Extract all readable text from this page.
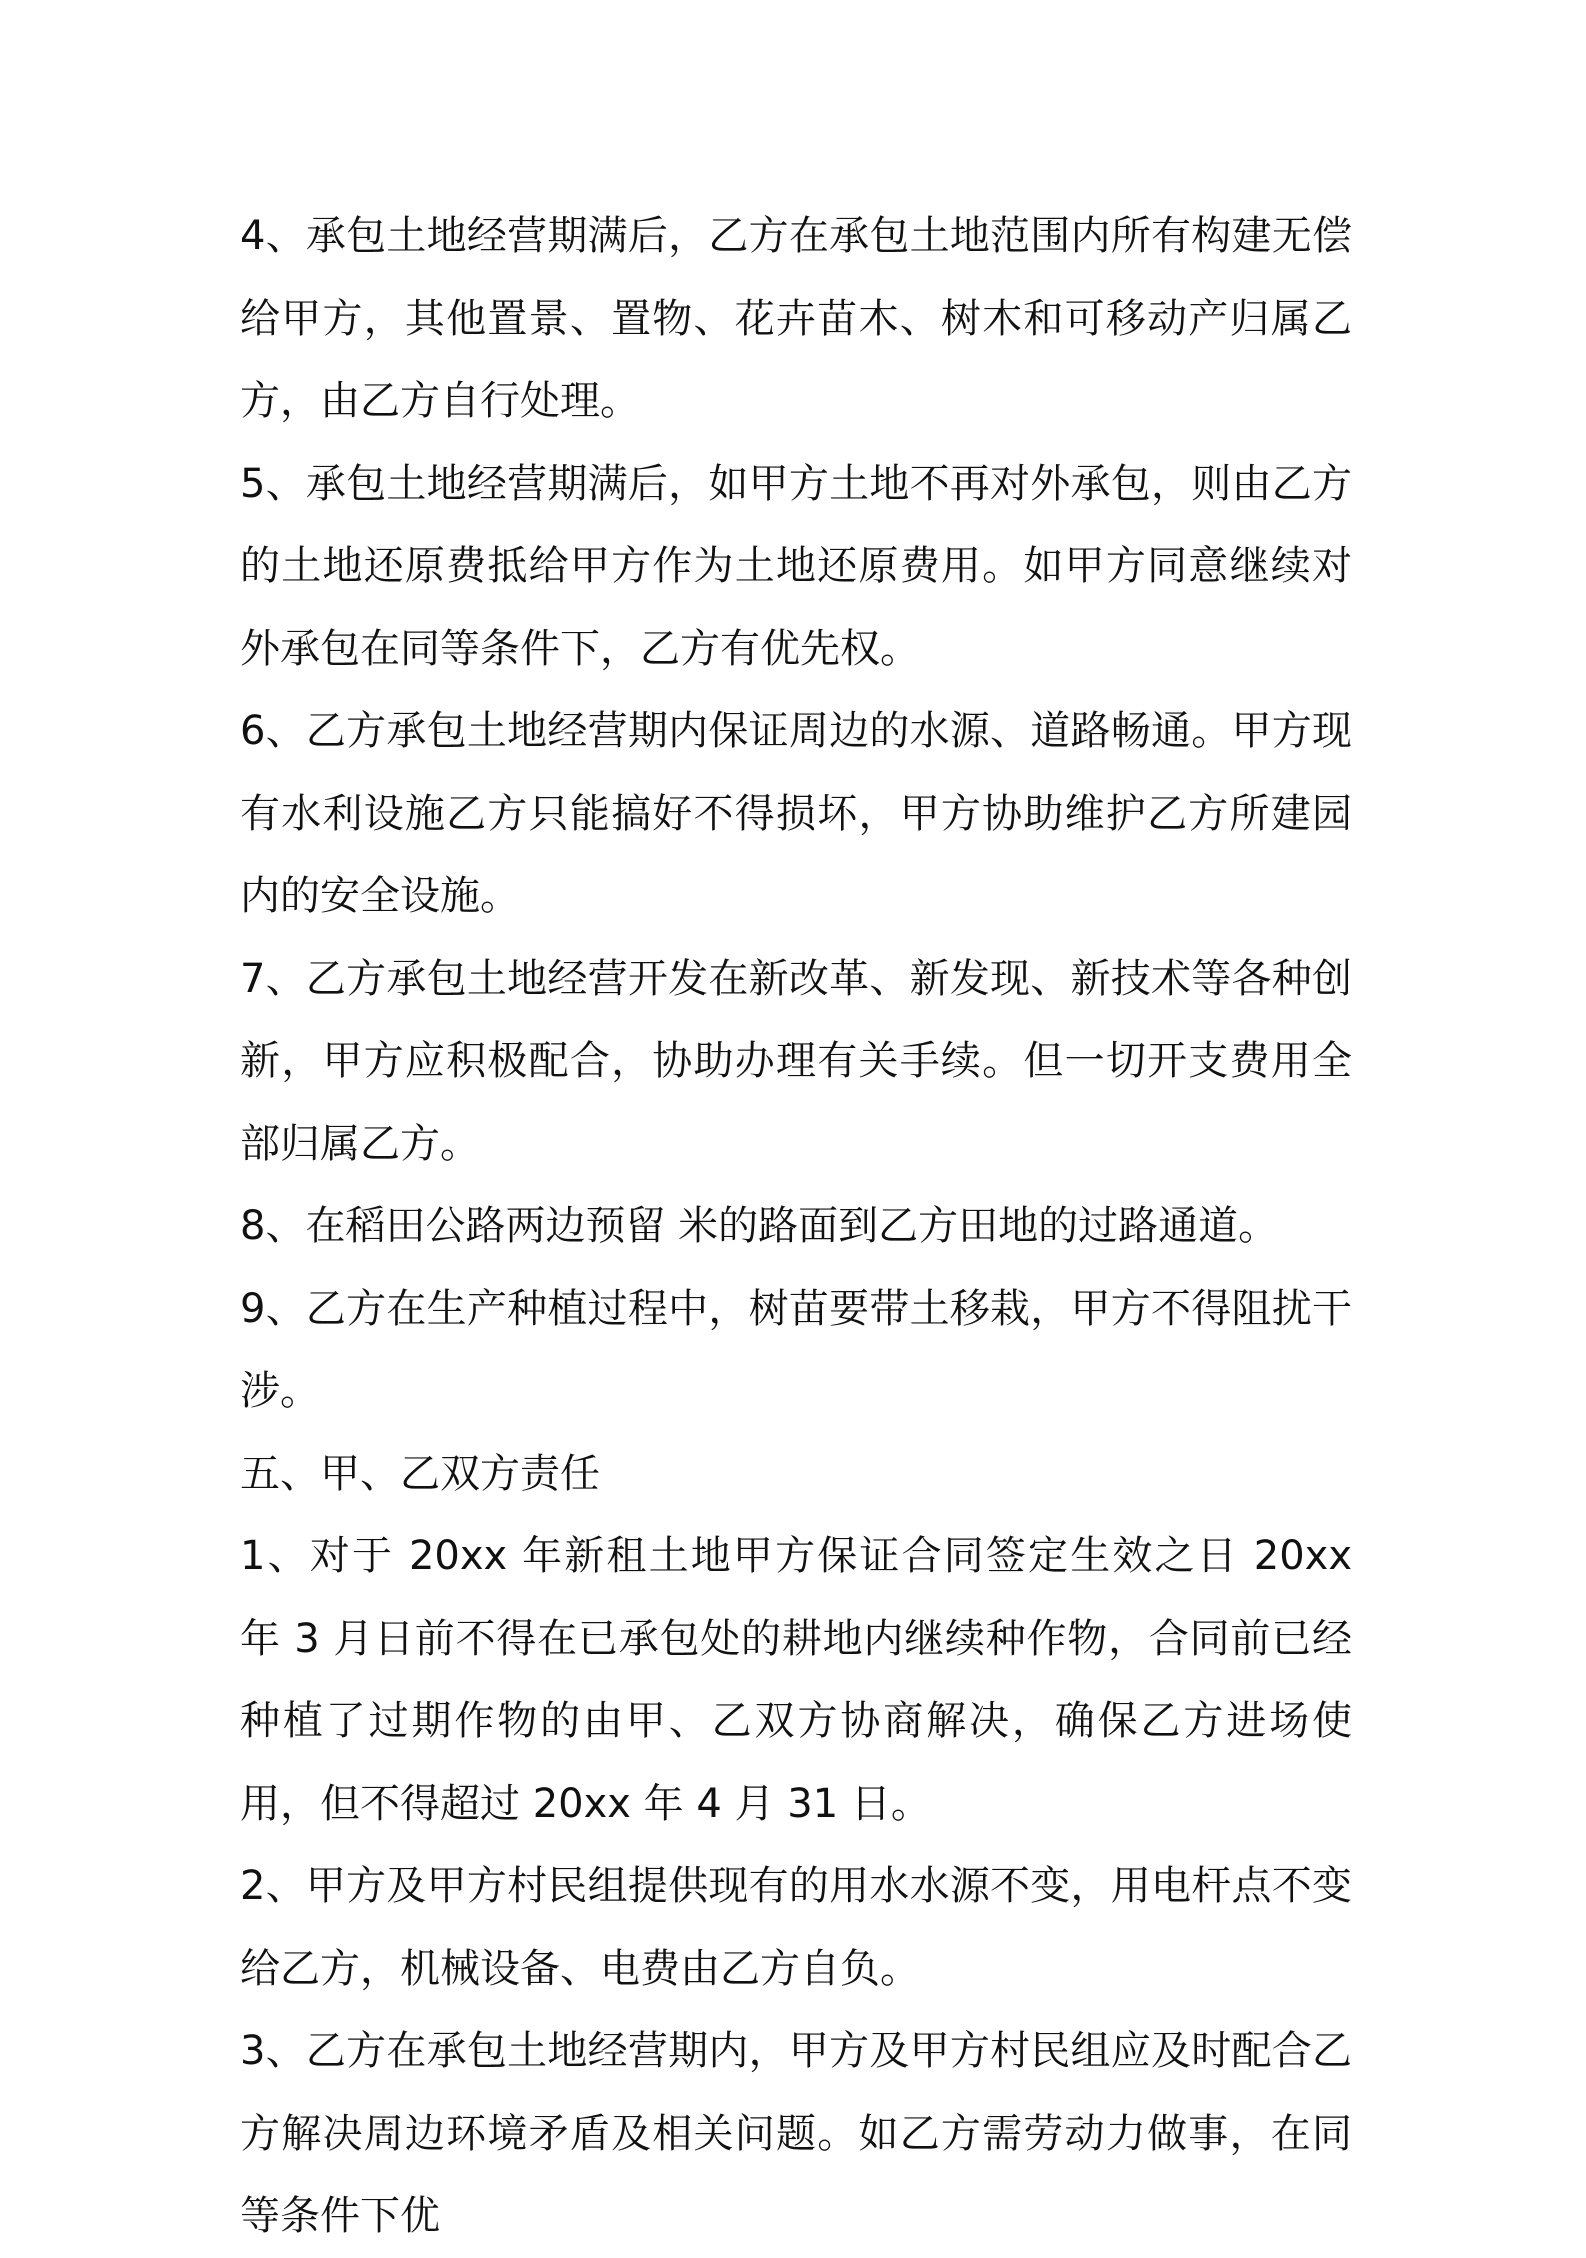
4、承包土地经营期满后，乙方在承包土地范围内所有构建无偿给甲方，其他置景、置物、花卉苗木、树木和可移动产归属乙方，由乙方自行处理。

5、承包土地经营期满后，如甲方土地不再对外承包，则由乙方的土地还原费抵给甲方作为土地还原费用。如甲方同意继续对外承包在同等条件下，乙方有优先权。

6、乙方承包土地经营期内保证周边的水源、道路畅通。甲方现有水利设施乙方只能搞好不得损坏，甲方协助维护乙方所建园内的安全设施。

7、乙方承包土地经营开发在新改革、新发现、新技术等各种创新，甲方应积极配合，协助办理有关手续。但一切开支费用全部归属乙方。

8、在稻田公路两边预留 米的路面到乙方田地的过路通道。

9、乙方在生产种植过程中，树苗要带土移栽，甲方不得阻扰干涉。

五、甲、乙双方责任

1、对于 20xx 年新租土地甲方保证合同签定生效之日 20xx 年 3 月日前不得在已承包处的耕地内继续种作物，合同前已经种植了过期作物的由甲、乙双方协商解决，确保乙方进场使用，但不得超过 20xx 年 4 月 31 日。

2、甲方及甲方村民组提供现有的用水水源不变，用电杆点不变给乙方，机械设备、电费由乙方自负。

3、乙方在承包土地经营期内，甲方及甲方村民组应及时配合乙方解决周边环境矛盾及相关问题。如乙方需劳动力做事，在同等条件下优
